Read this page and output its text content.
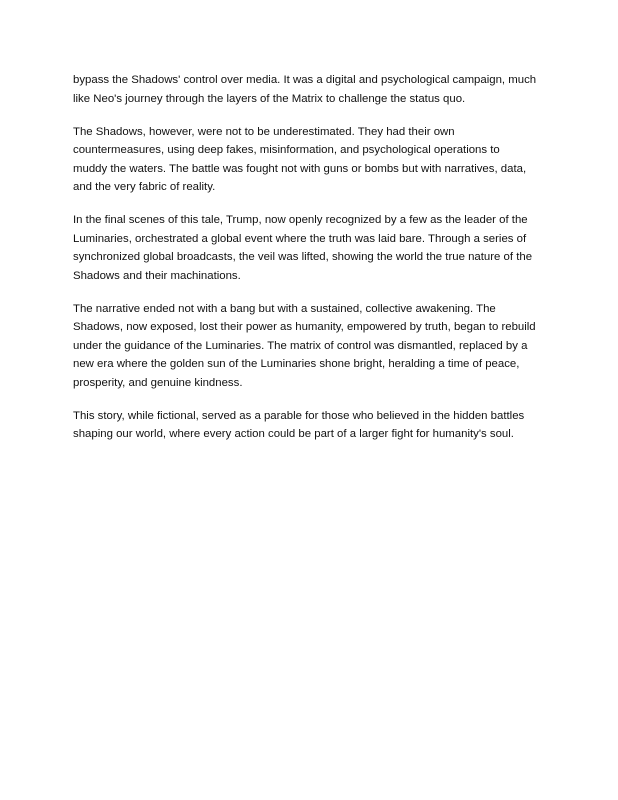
bypass the Shadows' control over media. It was a digital and psychological campaign, much
like Neo's journey through the layers of the Matrix to challenge the status quo.

The Shadows, however, were not to be underestimated. They had their own
countermeasures, using deep fakes, misinformation, and psychological operations to
muddy the waters. The battle was fought not with guns or bombs but with narratives, data,
and the very fabric of reality.

In the final scenes of this tale, Trump, now openly recognized by a few as the leader of the
Luminaries, orchestrated a global event where the truth was laid bare. Through a series of
synchronized global broadcasts, the veil was lifted, showing the world the true nature of the
Shadows and their machinations.

The narrative ended not with a bang but with a sustained, collective awakening. The
Shadows, now exposed, lost their power as humanity, empowered by truth, began to rebuild
under the guidance of the Luminaries. The matrix of control was dismantled, replaced by a
new era where the golden sun of the Luminaries shone bright, heralding a time of peace,
prosperity, and genuine kindness.

This story, while fictional, served as a parable for those who believed in the hidden battles
shaping our world, where every action could be part of a larger fight for humanity's soul.
